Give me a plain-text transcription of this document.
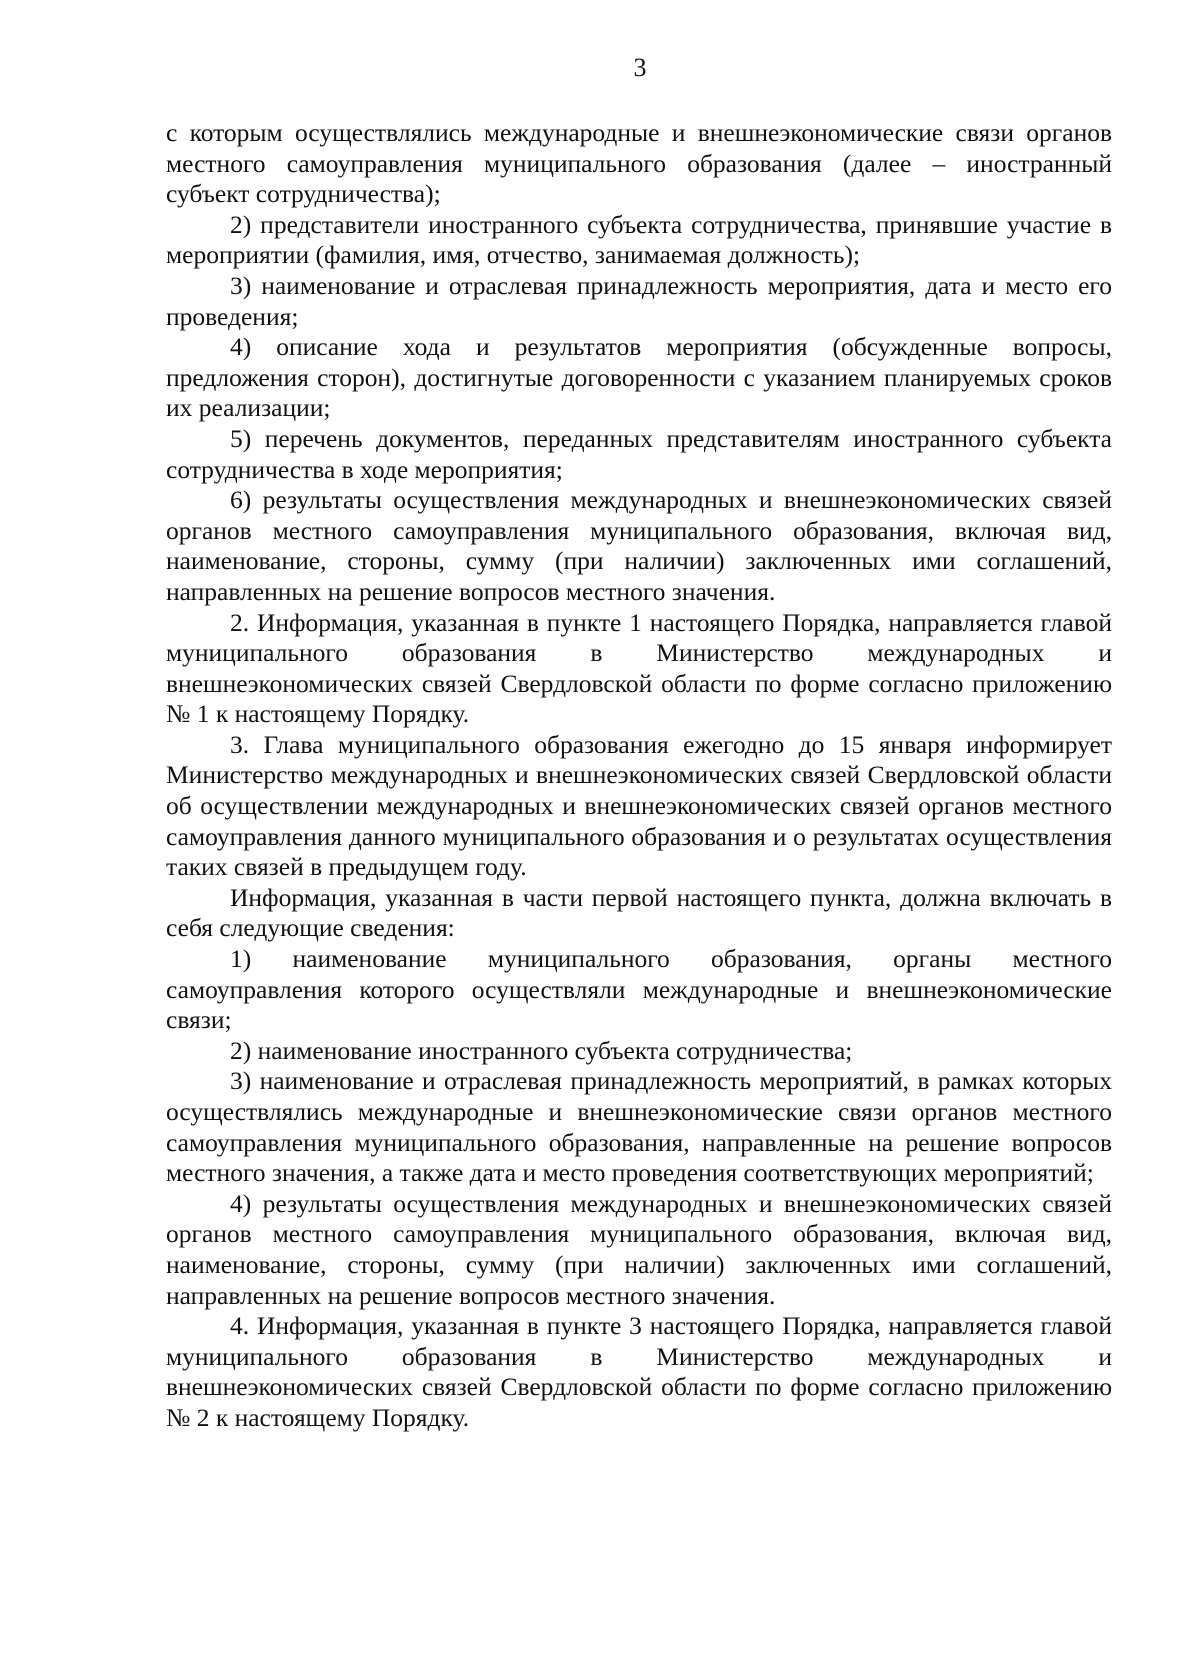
3

с которым осуществлялись международные и внешнеэкономические связи органов местного самоуправления муниципального образования (далее – иностранный субъект сотрудничества);

2) представители иностранного субъекта сотрудничества, принявшие участие в мероприятии (фамилия, имя, отчество, занимаемая должность);

3) наименование и отраслевая принадлежность мероприятия, дата и место его проведения;

4) описание хода и результатов мероприятия (обсужденные вопросы, предложения сторон), достигнутые договоренности с указанием планируемых сроков их реализации;

5) перечень документов, переданных представителям иностранного субъекта сотрудничества в ходе мероприятия;

6) результаты осуществления международных и внешнеэкономических связей органов местного самоуправления муниципального образования, включая вид, наименование, стороны, сумму (при наличии) заключенных ими соглашений, направленных на решение вопросов местного значения.

2. Информация, указанная в пункте 1 настоящего Порядка, направляется главой муниципального образования в Министерство международных и внешнеэкономических связей Свердловской области по форме согласно приложению № 1 к настоящему Порядку.

3. Глава муниципального образования ежегодно до 15 января информирует Министерство международных и внешнеэкономических связей Свердловской области об осуществлении международных и внешнеэкономических связей органов местного самоуправления данного муниципального образования и о результатах осуществления таких связей в предыдущем году.

Информация, указанная в части первой настоящего пункта, должна включать в себя следующие сведения:

1) наименование муниципального образования, органы местного самоуправления которого осуществляли международные и внешнеэкономические связи;

2) наименование иностранного субъекта сотрудничества;

3) наименование и отраслевая принадлежность мероприятий, в рамках которых осуществлялись международные и внешнеэкономические связи органов местного самоуправления муниципального образования, направленные на решение вопросов местного значения, а также дата и место проведения соответствующих мероприятий;

4) результаты осуществления международных и внешнеэкономических связей органов местного самоуправления муниципального образования, включая вид, наименование, стороны, сумму (при наличии) заключенных ими соглашений, направленных на решение вопросов местного значения.

4. Информация, указанная в пункте 3 настоящего Порядка, направляется главой муниципального образования в Министерство международных и внешнеэкономических связей Свердловской области по форме согласно приложению № 2 к настоящему Порядку.
